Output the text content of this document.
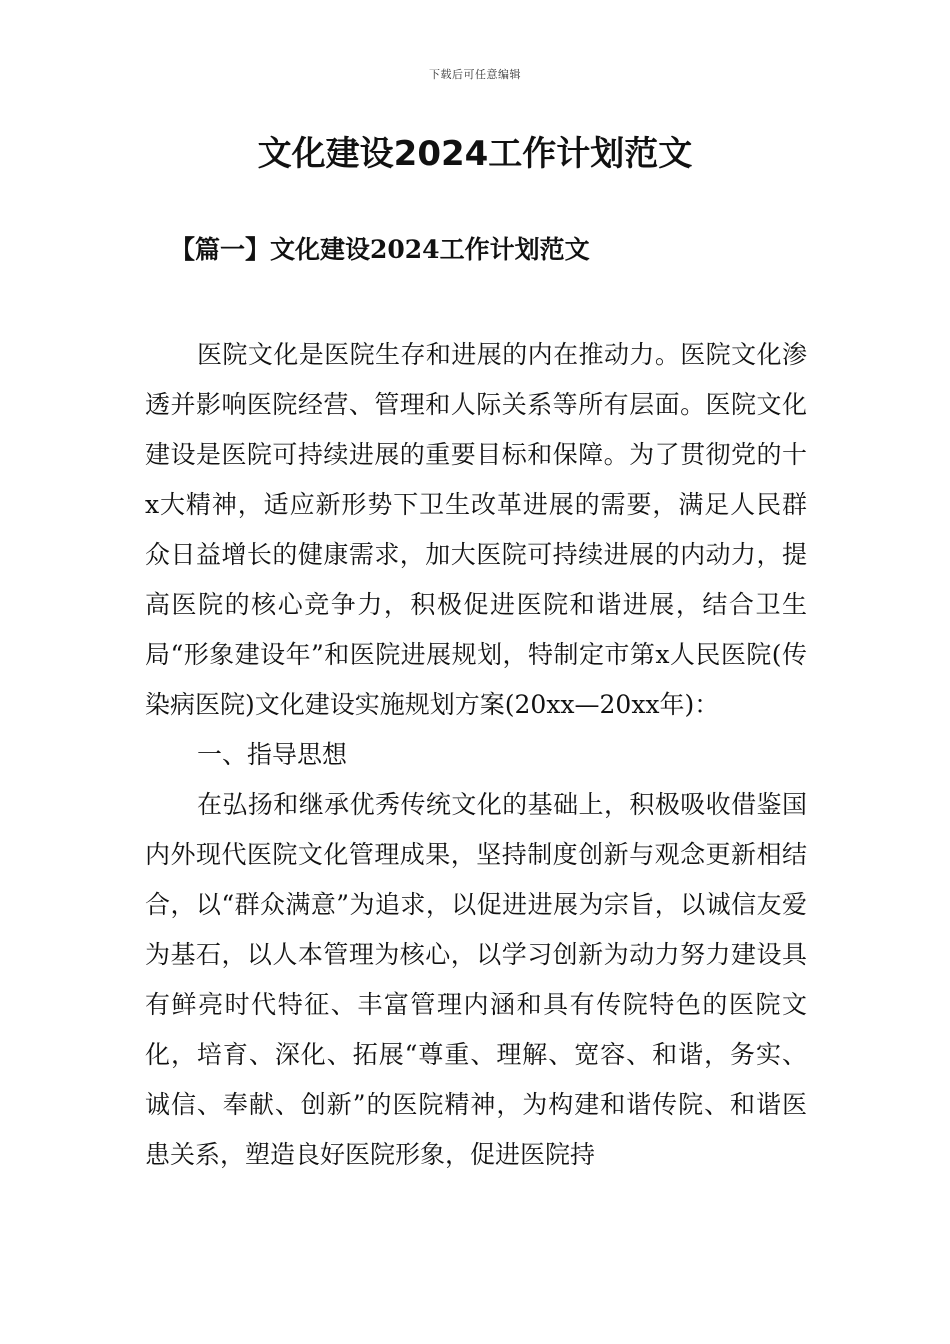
下载后可任意编辑
文化建设2024工作计划范文
【篇一】文化建设2024工作计划范文

医院文化是医院生存和进展的内在推动力。医院文化渗透并影响医院经营、管理和人际关系等所有层面。医院文化建设是医院可持续进展的重要目标和保障。为了贯彻党的十x大精神，适应新形势下卫生改革进展的需要，满足人民群众日益增长的健康需求，加大医院可持续进展的内动力，提高医院的核心竞争力，积极促进医院和谐进展，结合卫生局“形象建设年”和医院进展规划，特制定市第x人民医院(传染病医院)文化建设实施规划方案(20xx—20xx年)：

一、指导思想

在弘扬和继承优秀传统文化的基础上，积极吸收借鉴国内外现代医院文化管理成果，坚持制度创新与观念更新相结合，以“群众满意”为追求，以促进进展为宗旨，以诚信友爱为基石，以人本管理为核心，以学习创新为动力努力建设具有鲜亮时代特征、丰富管理内涵和具有传院特色的医院文化，培育、深化、拓展“尊重、理解、宽容、和谐，务实、诚信、奉献、创新”的医院精神，为构建和谐传院、和谐医患关系，塑造良好医院形象，促进医院持
